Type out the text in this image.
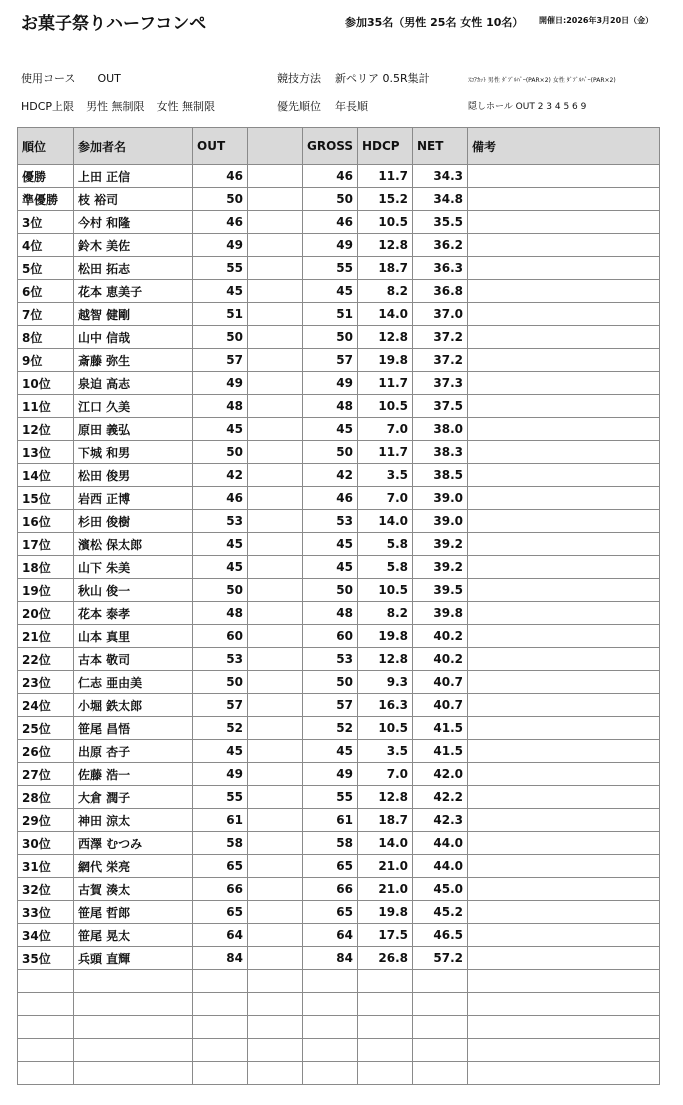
お菓子祭りハーフコンペ	参加35名（男性 25名 女性 10名） 開催日:2026年3月20日（金）
使用コース OUT
HDCP上限 男性 無制限 女性 無制限
競技方法 新ペリア 0.5R集計
優先順位 年長順
ｽｺｱｶｯﾄ 男性 ﾀﾞﾌﾞﾙﾊﾟｰ(PAR×2) 女性 ﾀﾞﾌﾞﾙﾊﾟｰ(PAR×2)
隠しホール OUT 2 3 4 5 6 9
順位	参加者名	OUT		GROSS	HDCP	NET	備考
優勝	上田 正信	46		46	11.7	34.3	
準優勝	枝 裕司	50		50	15.2	34.8	
3位	今村 和隆	46		46	10.5	35.5	
4位	鈴木 美佐	49		49	12.8	36.2	
5位	松田 拓志	55		55	18.7	36.3	
6位	花本 恵美子	45		45	8.2	36.8	
7位	越智 健剛	51		51	14.0	37.0	
8位	山中 信哉	50		50	12.8	37.2	
9位	斎藤 弥生	57		57	19.8	37.2	
10位	泉迫 高志	49		49	11.7	37.3	
11位	江口 久美	48		48	10.5	37.5	
12位	原田 義弘	45		45	7.0	38.0	
13位	下城 和男	50		50	11.7	38.3	
14位	松田 俊男	42		42	3.5	38.5	
15位	岩西 正博	46		46	7.0	39.0	
16位	杉田 俊樹	53		53	14.0	39.0	
17位	濱松 保太郎	45		45	5.8	39.2	
18位	山下 朱美	45		45	5.8	39.2	
19位	秋山 俊一	50		50	10.5	39.5	
20位	花本 泰孝	48		48	8.2	39.8	
21位	山本 真里	60		60	19.8	40.2	
22位	古本 敬司	53		53	12.8	40.2	
23位	仁志 亜由美	50		50	9.3	40.7	
24位	小堀 鉄太郎	57		57	16.3	40.7	
25位	笹尾 昌悟	52		52	10.5	41.5	
26位	出原 杏子	45		45	3.5	41.5	
27位	佐藤 浩一	49		49	7.0	42.0	
28位	大倉 潤子	55		55	12.8	42.2	
29位	神田 涼太	61		61	18.7	42.3	
30位	西澤 むつみ	58		58	14.0	44.0	
31位	網代 栄亮	65		65	21.0	44.0	
32位	古賀 湊太	66		66	21.0	45.0	
33位	笹尾 哲郎	65		65	19.8	45.2	
34位	笹尾 晃太	64		64	17.5	46.5	
35位	兵頭 直輝	84		84	26.8	57.2	
